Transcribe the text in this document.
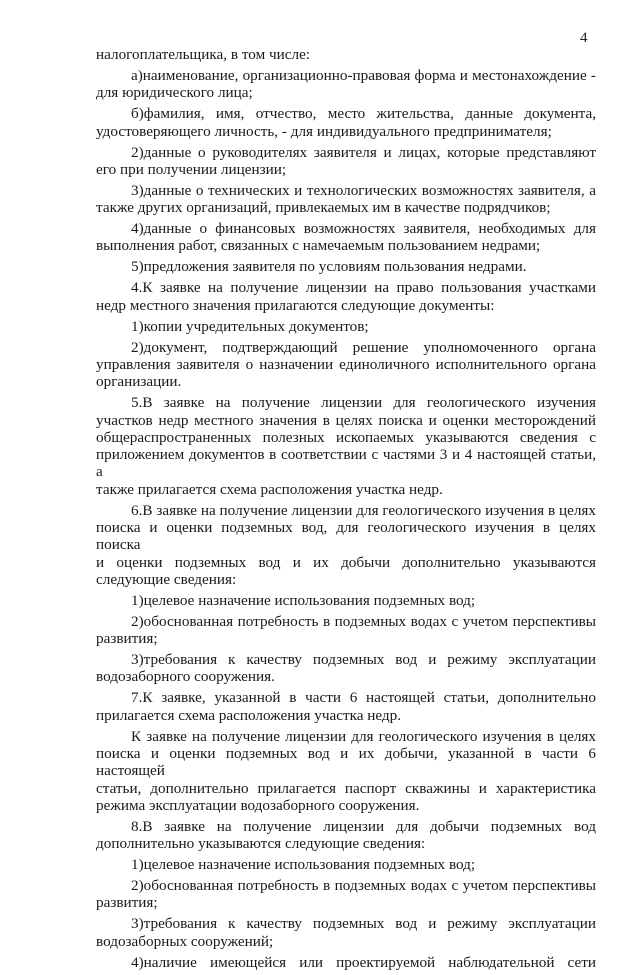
4
налогоплательщика, в том числе:
а)наименование, организационно-правовая форма и местонахождение -
для юридического лица;
б)фамилия, имя, отчество, место жительства, данные документа,
удостоверяющего личность, - для индивидуального предпринимателя;
2)данные о руководителях заявителя и лицах, которые представляют
его при получении лицензии;
3)данные о технических и технологических возможностях заявителя, а
также других организаций, привлекаемых им в качестве подрядчиков;
4)данные о финансовых возможностях заявителя, необходимых для
выполнения работ, связанных с намечаемым пользованием недрами;
5)предложения заявителя по условиям пользования недрами.
4.К заявке на получение лицензии на право пользования участками
недр местного значения прилагаются следующие документы:
1)копии учредительных документов;
2)документ, подтверждающий решение уполномоченного органа
управления заявителя о назначении единоличного исполнительного органа
организации.
5.В заявке на получение лицензии для геологического изучения
участков недр местного значения в целях поиска и оценки месторождений
общераспространенных полезных ископаемых указываются сведения с
приложением документов в соответствии с частями 3 и 4 настоящей статьи, а
также прилагается схема расположения участка недр.
6.В заявке на получение лицензии для геологического изучения в целях
поиска и оценки подземных вод, для геологического изучения в целях поиска
и оценки подземных вод и их добычи дополнительно указываются
следующие сведения:
1)целевое назначение использования подземных вод;
2)обоснованная потребность в подземных водах с учетом перспективы
развития;
3)требования к качеству подземных вод и режиму эксплуатации
водозаборного сооружения.
7.К заявке, указанной в части 6 настоящей статьи, дополнительно
прилагается схема расположения участка недр.
К заявке на получение лицензии для геологического изучения в целях
поиска и оценки подземных вод и их добычи, указанной в части 6 настоящей
статьи, дополнительно прилагается паспорт скважины и характеристика
режима эксплуатации водозаборного сооружения.
8.В заявке на получение лицензии для добычи подземных вод
дополнительно указываются следующие сведения:
1)целевое назначение использования подземных вод;
2)обоснованная потребность в подземных водах с учетом перспективы
развития;
3)требования к качеству подземных вод и режиму эксплуатации
водозаборных сооружений;
4)наличие имеющейся или проектируемой наблюдательной сети
